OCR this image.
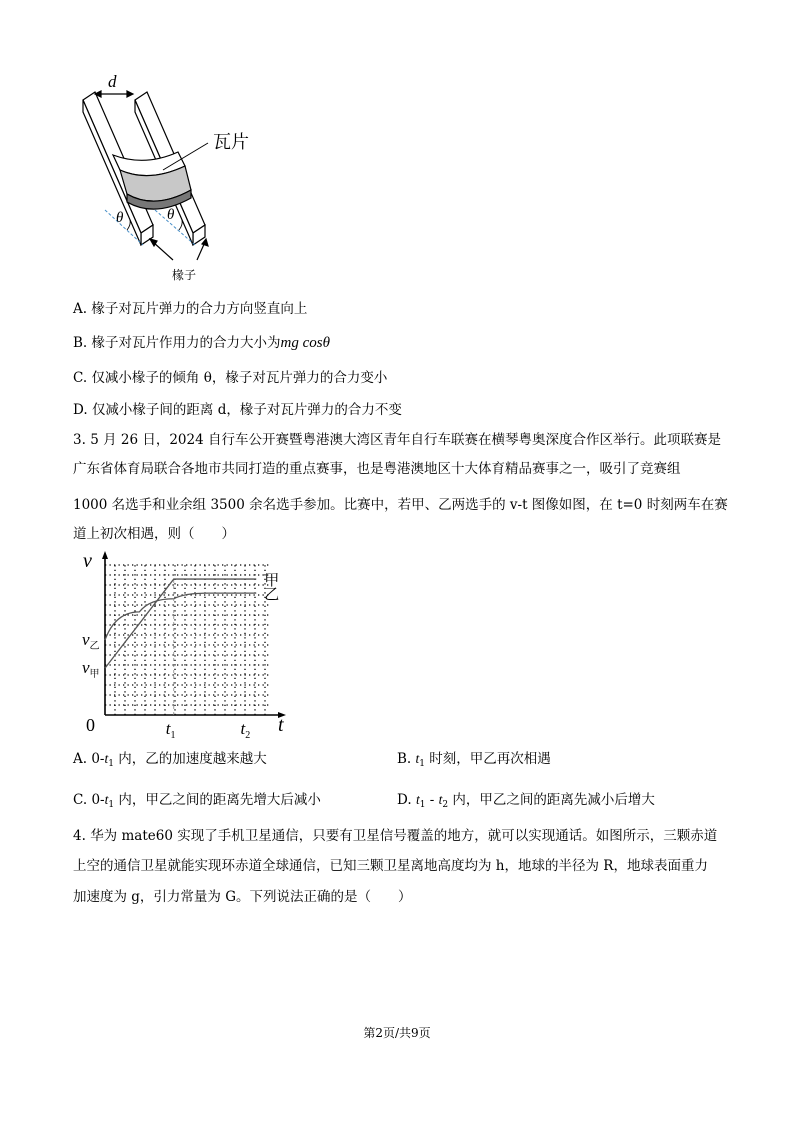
d
瓦片
θ	θ
椽子
A. 椽子对瓦片弹力的合力方向竖直向上
B. 椽子对瓦片作用力的合力大小为mg cosθ
C. 仅减小椽子的倾角 θ，椽子对瓦片弹力的合力变小
D. 仅减小椽子间的距离 d，椽子对瓦片弹力的合力不变
3. 5 月 26 日，2024 自行车公开赛暨粤港澳大湾区青年自行车联赛在横琴粤奥深度合作区举行。此项联赛是
广东省体育局联合各地市共同打造的重点赛事，也是粤港澳地区十大体育精品赛事之一，吸引了竞赛组
1000 名选手和业余组 3500 余名选手参加。比赛中，若甲、乙两选手的 v-t 图像如图，在 t=0 时刻两车在赛
道上初次相遇，则（　　）
甲
乙
v
t
0	$t_1$	$t_2$
$v_乙$
$v_甲$
A. $0-t_1$ 内，乙的加速度越来越大	B. $t_1$ 时刻，甲乙再次相遇
C. $0-t_1$ 内，甲乙之间的距离先增大后减小	D. $t_1 - t_2$ 内，甲乙之间的距离先减小后增大
4. 华为 mate60 实现了手机卫星通信，只要有卫星信号覆盖的地方，就可以实现通话。如图所示，三颗赤道
上空的通信卫星就能实现环赤道全球通信，已知三颗卫星离地高度均为 h，地球的半径为 R，地球表面重力
加速度为 g，引力常量为 G。下列说法正确的是（　　）
第2页/共9页
